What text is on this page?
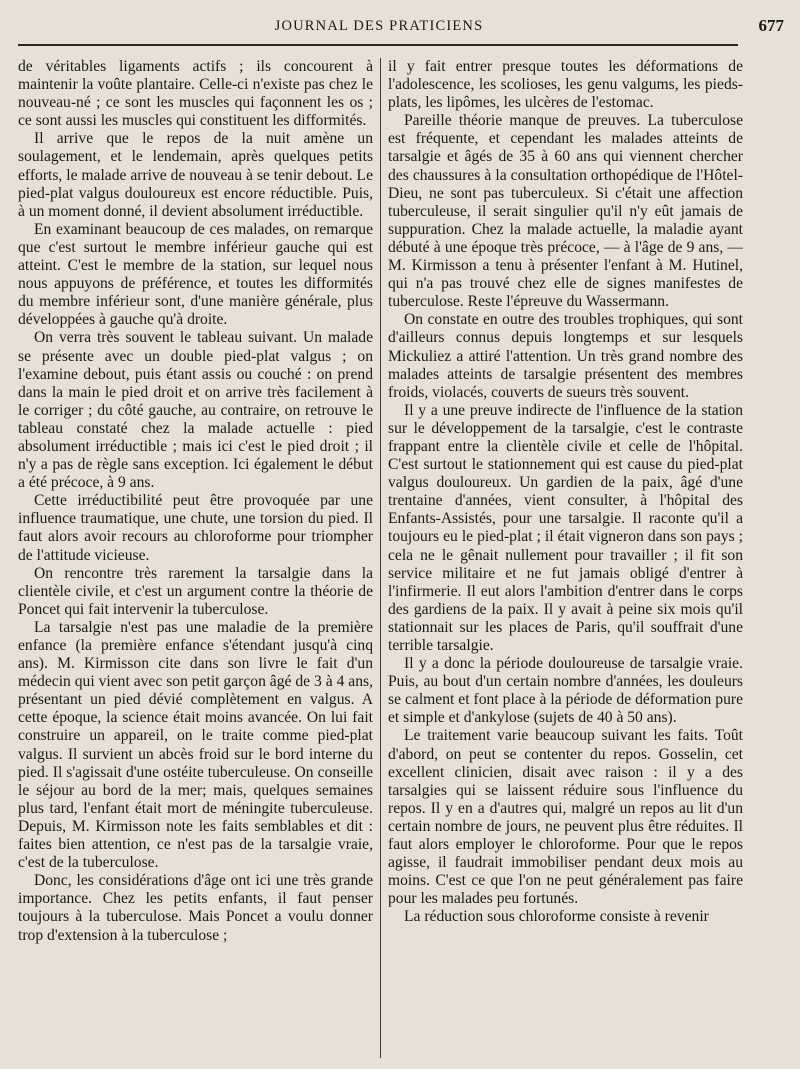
JOURNAL DES PRATICIENS	677

de véritables ligaments actifs ; ils concourent à maintenir la voûte plantaire. Celle-ci n'existe pas chez le nouveau-né ; ce sont les muscles qui façonnent les os ; ce sont aussi les muscles qui constituent les difformités.

Il arrive que le repos de la nuit amène un soulagement, et le lendemain, après quelques petits efforts, le malade arrive de nouveau à se tenir debout. Le pied-plat valgus douloureux est encore réductible. Puis, à un moment donné, il devient absolument irréductible.

En examinant beaucoup de ces malades, on remarque que c'est surtout le membre inférieur gauche qui est atteint. C'est le membre de la station, sur lequel nous nous appuyons de préférence, et toutes les difformités du membre inférieur sont, d'une manière générale, plus développées à gauche qu'à droite.

On verra très souvent le tableau suivant. Un malade se présente avec un double pied-plat valgus ; on l'examine debout, puis étant assis ou couché : on prend dans la main le pied droit et on arrive très facilement à le corriger ; du côté gauche, au contraire, on retrouve le tableau constaté chez la malade actuelle : pied absolument irréductible ; mais ici c'est le pied droit ; il n'y a pas de règle sans exception. Ici également le début a été précoce, à 9 ans.

Cette irréductibilité peut être provoquée par une influence traumatique, une chute, une torsion du pied. Il faut alors avoir recours au chloroforme pour triompher de l'attitude vicieuse.

On rencontre très rarement la tarsalgie dans la clientèle civile, et c'est un argument contre la théorie de Poncet qui fait intervenir la tuberculose.

La tarsalgie n'est pas une maladie de la première enfance (la première enfance s'étendant jusqu'à cinq ans). M. Kirmisson cite dans son livre le fait d'un médecin qui vient avec son petit garçon âgé de 3 à 4 ans, présentant un pied dévié complètement en valgus. A cette époque, la science était moins avancée. On lui fait construire un appareil, on le traite comme pied-plat valgus. Il survient un abcès froid sur le bord interne du pied. Il s'agissait d'une ostéite tuberculeuse. On conseille le séjour au bord de la mer; mais, quelques semaines plus tard, l'enfant était mort de méningite tuberculeuse. Depuis, M. Kirmisson note les faits semblables et dit : faites bien attention, ce n'est pas de la tarsalgie vraie, c'est de la tuberculose.

Donc, les considérations d'âge ont ici une très grande importance. Chez les petits enfants, il faut penser toujours à la tuberculose. Mais Poncet a voulu donner trop d'extension à la tuberculose ;

il y fait entrer presque toutes les déformations de l'adolescence, les scolioses, les genu valgums, les pieds-plats, les lipômes, les ulcères de l'estomac.

Pareille théorie manque de preuves. La tuberculose est fréquente, et cependant les malades atteints de tarsalgie et âgés de 35 à 60 ans qui viennent chercher des chaussures à la consultation orthopédique de l'Hôtel-Dieu, ne sont pas tuberculeux. Si c'était une affection tuberculeuse, il serait singulier qu'il n'y eût jamais de suppuration. Chez la malade actuelle, la maladie ayant débuté à une époque très précoce, — à l'âge de 9 ans, — M. Kirmisson a tenu à présenter l'enfant à M. Hutinel, qui n'a pas trouvé chez elle de signes manifestes de tuberculose. Reste l'épreuve du Wassermann.

On constate en outre des troubles trophiques, qui sont d'ailleurs connus depuis longtemps et sur lesquels Mickuliez a attiré l'attention. Un très grand nombre des malades atteints de tarsalgie présentent des membres froids, violacés, couverts de sueurs très souvent.

Il y a une preuve indirecte de l'influence de la station sur le développement de la tarsalgie, c'est le contraste frappant entre la clientèle civile et celle de l'hôpital. C'est surtout le stationnement qui est cause du pied-plat valgus douloureux. Un gardien de la paix, âgé d'une trentaine d'années, vient consulter, à l'hôpital des Enfants-Assistés, pour une tarsalgie. Il raconte qu'il a toujours eu le pied-plat ; il était vigneron dans son pays ; cela ne le gênait nullement pour travailler ; il fit son service militaire et ne fut jamais obligé d'entrer à l'infirmerie. Il eut alors l'ambition d'entrer dans le corps des gardiens de la paix. Il y avait à peine six mois qu'il stationnait sur les places de Paris, qu'il souffrait d'une terrible tarsalgie.

Il y a donc la période douloureuse de tarsalgie vraie. Puis, au bout d'un certain nombre d'années, les douleurs se calment et font place à la période de déformation pure et simple et d'ankylose (sujets de 40 à 50 ans).

Le traitement varie beaucoup suivant les faits. Toût d'abord, on peut se contenter du repos. Gosselin, cet excellent clinicien, disait avec raison : il y a des tarsalgies qui se laissent réduire sous l'influence du repos. Il y en a d'autres qui, malgré un repos au lit d'un certain nombre de jours, ne peuvent plus être réduites. Il faut alors employer le chloroforme. Pour que le repos agisse, il faudrait immobiliser pendant deux mois au moins. C'est ce que l'on ne peut généralement pas faire pour les malades peu fortunés.

La réduction sous chloroforme consiste à revenir
